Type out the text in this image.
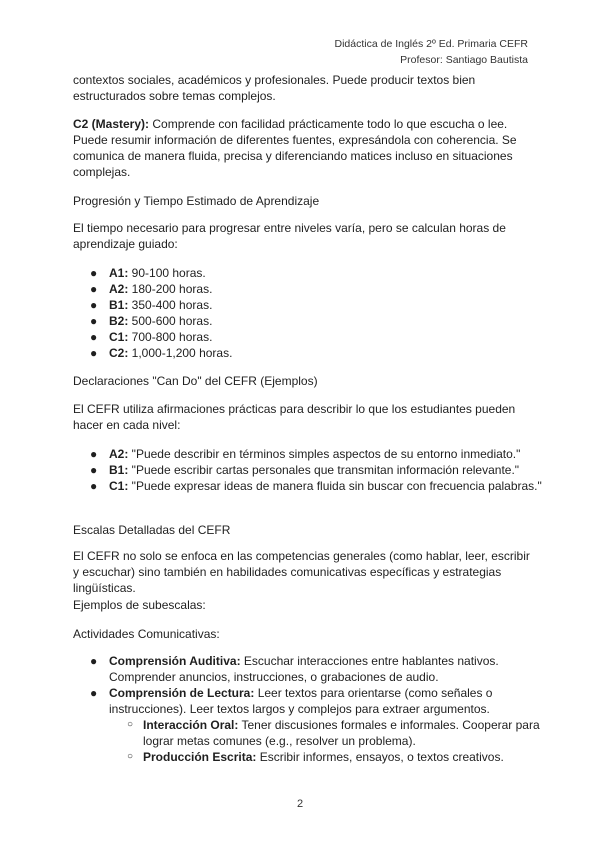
Didáctica de Inglés 2º Ed. Primaria CEFR
Profesor: Santiago Bautista

contextos sociales, académicos y profesionales. Puede producir textos bien estructurados sobre temas complejos.

C2 (Mastery): Comprende con facilidad prácticamente todo lo que escucha o lee. Puede resumir información de diferentes fuentes, expresándola con coherencia. Se comunica de manera fluida, precisa y diferenciando matices incluso en situaciones complejas.

Progresión y Tiempo Estimado de Aprendizaje

El tiempo necesario para progresar entre niveles varía, pero se calculan horas de aprendizaje guiado:

● A1: 90-100 horas.
● A2: 180-200 horas.
● B1: 350-400 horas.
● B2: 500-600 horas.
● C1: 700-800 horas.
● C2: 1,000-1,200 horas.

Declaraciones "Can Do" del CEFR (Ejemplos)

El CEFR utiliza afirmaciones prácticas para describir lo que los estudiantes pueden hacer en cada nivel:

● A2: "Puede describir en términos simples aspectos de su entorno inmediato."
● B1: "Puede escribir cartas personales que transmitan información relevante."
● C1: "Puede expresar ideas de manera fluida sin buscar con frecuencia palabras."

Escalas Detalladas del CEFR

El CEFR no solo se enfoca en las competencias generales (como hablar, leer, escribir y escuchar) sino también en habilidades comunicativas específicas y estrategias lingüísticas.

Ejemplos de subescalas:

Actividades Comunicativas:

● Comprensión Auditiva: Escuchar interacciones entre hablantes nativos. Comprender anuncios, instrucciones, o grabaciones de audio.
● Comprensión de Lectura: Leer textos para orientarse (como señales o instrucciones). Leer textos largos y complejos para extraer argumentos.
○ Interacción Oral: Tener discusiones formales e informales. Cooperar para lograr metas comunes (e.g., resolver un problema).
○ Producción Escrita: Escribir informes, ensayos, o textos creativos.
2
